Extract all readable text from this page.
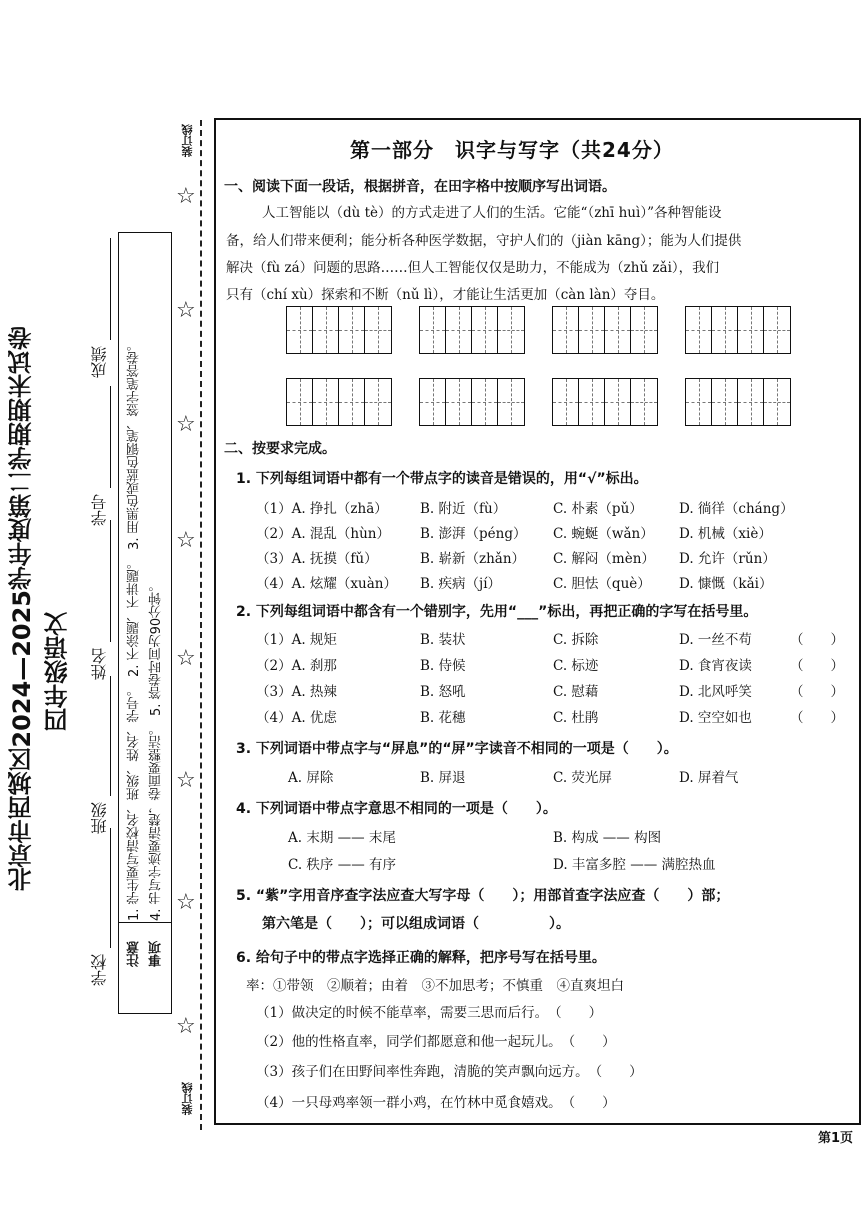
装订线
装订线
☆
☆
☆
☆
☆
☆
☆
☆
1. 学生要写清校名、班级、姓名、学号。　2. 不涂题、不讲题。　3. 用黑色或蓝色钢笔、签字笔答卷。 4. 书写字迹要清楚，卷面要整洁。　5. 答卷时间为90分钟。
注意 事项
学校
班级
姓名
学号
成绩
四年级语文
北京市西城区2024—2025学年度第二学期期末试卷
第一部分　识字与写字（共24分）
一、阅读下面一段话，根据拼音，在田字格中按顺序写出词语。
人工智能以（dù tè）的方式走进了人们的生活。它能“（zhī huì）”各种智能设
备，给人们带来便利；能分析各种医学数据，守护人们的（jiàn kāng）；能为人们提供
解决（fù zá）问题的思路……但人工智能仅仅是助力，不能成为（zhǔ zǎi），我们
只有（chí xù）探索和不断（nǔ lì），才能让生活更加（càn làn）夺目。
二、按要求完成。
1. 下列每组词语中都有一个带点字的读音是错误的，用“√”标出。
（1）A. 挣扎（zhā） B. 附近（fù）	C. 朴素（pǔ）	D. 徜徉（cháng）
（2）A. 混乱（hùn） B. 澎湃（péng） C. 蜿蜒（wǎn） D. 机械（xiè）
（3）A. 抚摸（fǔ）	B. 崭新（zhǎn） C. 解闷（mèn） D. 允许（rǔn）
（4）A. 炫耀（xuàn） B. 疾病（jí）	C. 胆怯（què） D. 慷慨（kǎi）
2. 下列每组词语中都含有一个错别字，先用“___”标出，再把正确的字写在括号里。
（1）A. 规矩	B. 装状	C. 拆除	D. 一丝不苟	（　　）
（2）A. 刹那	B. 侍候	C. 标迹	D. 食宵夜读	（　　）
（3）A. 热辣	B. 怒吼	C. 慰藉	D. 北风呼笑	（　　）
（4）A. 优虑	B. 花穗	C. 杜鹃	D. 空空如也	（　　）
3. 下列词语中带点字与“屏息”的“屏”字读音不相同的一项是（　　）。
A. 屏除	B. 屏退	C. 荧光屏	D. 屏着气
4. 下列词语中带点字意思不相同的一项是（　　）。
A. 末期 —— 末尾	B. 构成 —— 构图
C. 秩序 —— 有序	D. 丰富多腔 —— 满腔热血
5. “紫”字用音序查字法应查大写字母（　　）；用部首查字法应查（　　）部；
第六笔是（　　）；可以组成词语（　　　　　）。
6. 给句子中的带点字选择正确的解释，把序号写在括号里。
率：①带领　②顺着；由着　③不加思考；不慎重　④直爽坦白
（1）做决定的时候不能草率，需要三思而后行。　（　　）
（2）他的性格直率，同学们都愿意和他一起玩儿。　（　　）
（3）孩子们在田野间率性奔跑，清脆的笑声飘向远方。　（　　）
（4）一只母鸡率领一群小鸡，在竹林中觅食嬉戏。　（　　）
第1页
